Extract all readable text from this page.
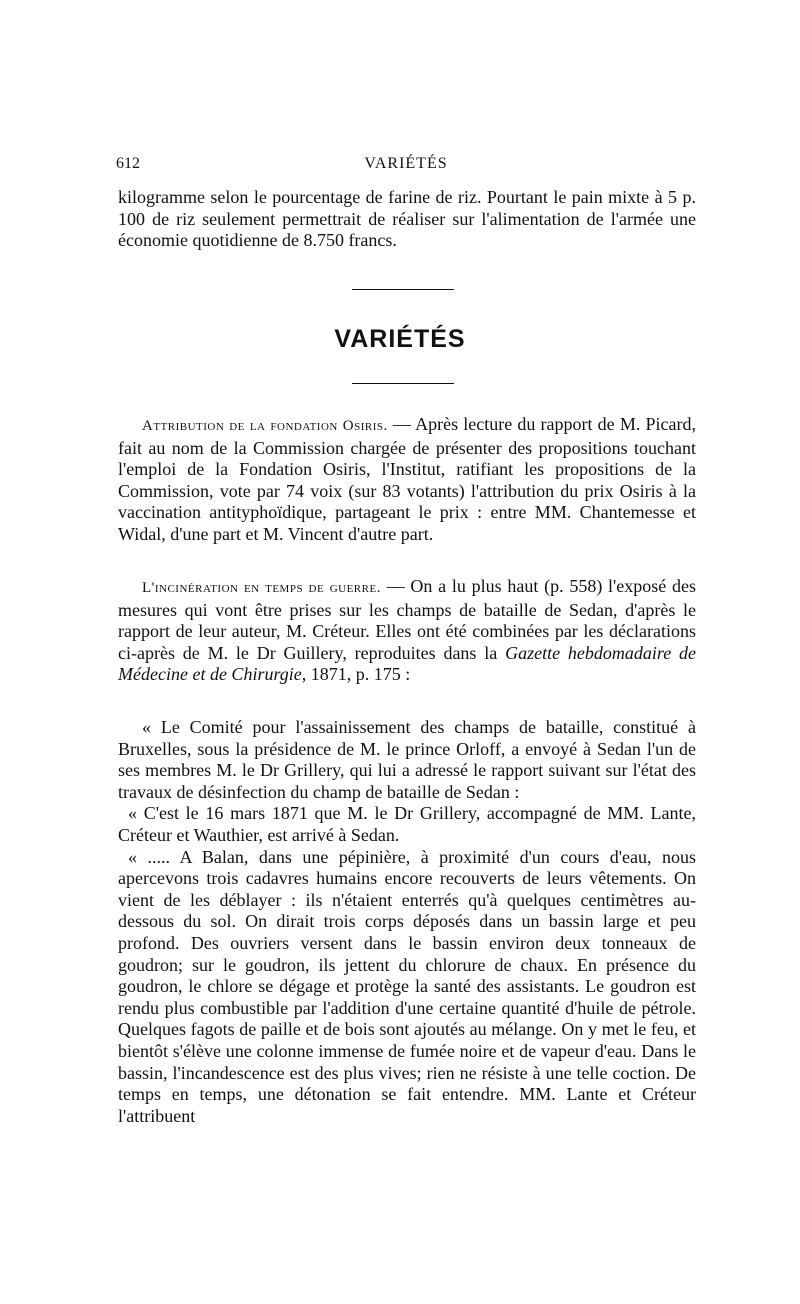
612	VARIÉTÉS

kilogramme selon le pourcentage de farine de riz. Pourtant le pain mixte à 5 p. 100 de riz seulement permettrait de réaliser sur l'alimentation de l'armée une économie quotidienne de 8.750 francs.

VARIÉTÉS

Attribution de la fondation Osiris. — Après lecture du rapport de M. Picard, fait au nom de la Commission chargée de présenter des propositions touchant l'emploi de la Fondation Osiris, l'Institut, ratifiant les propositions de la Commission, vote par 74 voix (sur 83 votants) l'attribution du prix Osiris à la vaccination antityphoïdique, partageant le prix : entre MM. Chantemesse et Widal, d'une part et M. Vincent d'autre part.

L'incinération en temps de guerre. — On a lu plus haut (p. 558) l'exposé des mesures qui vont être prises sur les champs de bataille de Sedan, d'après le rapport de leur auteur, M. Créteur. Elles ont été combinées par les déclarations ci-après de M. le Dr Guillery, reproduites dans la Gazette hebdomadaire de Médecine et de Chirurgie, 1871, p. 175 :

« Le Comité pour l'assainissement des champs de bataille, constitué à Bruxelles, sous la présidence de M. le prince Orloff, a envoyé à Sedan l'un de ses membres M. le Dr Grillery, qui lui a adressé le rapport suivant sur l'état des travaux de désinfection du champ de bataille de Sedan :

« C'est le 16 mars 1871 que M. le Dr Grillery, accompagné de MM. Lante, Créteur et Wauthier, est arrivé à Sedan.

« ..... A Balan, dans une pépinière, à proximité d'un cours d'eau, nous apercevons trois cadavres humains encore recouverts de leurs vêtements. On vient de les déblayer : ils n'étaient enterrés qu'à quelques centimètres au-dessous du sol. On dirait trois corps déposés dans un bassin large et peu profond. Des ouvriers versent dans le bassin environ deux tonneaux de goudron; sur le goudron, ils jettent du chlorure de chaux. En présence du goudron, le chlore se dégage et protège la santé des assistants. Le goudron est rendu plus combustible par l'addition d'une certaine quantité d'huile de pétrole. Quelques fagots de paille et de bois sont ajoutés au mélange. On y met le feu, et bientôt s'élève une colonne immense de fumée noire et de vapeur d'eau. Dans le bassin, l'incandescence est des plus vives; rien ne résiste à une telle coction. De temps en temps, une détonation se fait entendre. MM. Lante et Créteur l'attribuent
